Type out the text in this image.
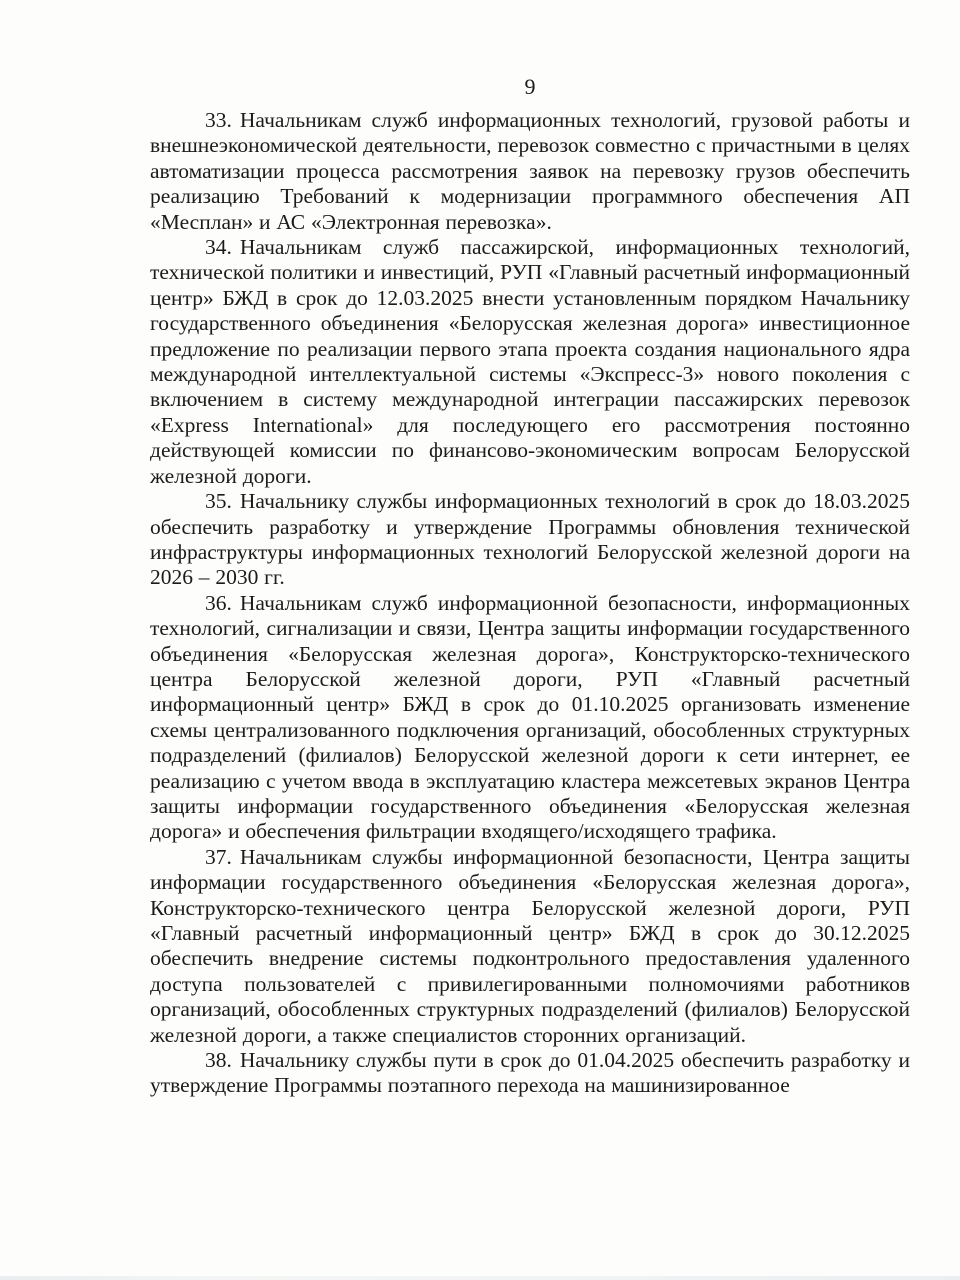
9

33. Начальникам служб информационных технологий, грузовой работы и внешнеэкономической деятельности, перевозок совместно с причастными в целях автоматизации процесса рассмотрения заявок на перевозку грузов обеспечить реализацию Требований к модернизации программного обеспечения АП «Месплан» и АС «Электронная перевозка».

34. Начальникам служб пассажирской, информационных технологий, технической политики и инвестиций, РУП «Главный расчетный информационный центр» БЖД в срок до 12.03.2025 внести установленным порядком Начальнику государственного объединения «Белорусская железная дорога» инвестиционное предложение по реализации первого этапа проекта создания национального ядра международной интеллектуальной системы «Экспресс-3» нового поколения с включением в систему международной интеграции пассажирских перевозок «Express International» для последующего его рассмотрения постоянно действующей комиссии по финансово-экономическим вопросам Белорусской железной дороги.

35. Начальнику службы информационных технологий в срок до 18.03.2025 обеспечить разработку и утверждение Программы обновления технической инфраструктуры информационных технологий Белорусской железной дороги на 2026 – 2030 гг.

36. Начальникам служб информационной безопасности, информационных технологий, сигнализации и связи, Центра защиты информации государственного объединения «Белорусская железная дорога», Конструкторско-технического центра Белорусской железной дороги, РУП «Главный расчетный информационный центр» БЖД в срок до 01.10.2025 организовать изменение схемы централизованного подключения организаций, обособленных структурных подразделений (филиалов) Белорусской железной дороги к сети интернет, ее реализацию с учетом ввода в эксплуатацию кластера межсетевых экранов Центра защиты информации государственного объединения «Белорусская железная дорога» и обеспечения фильтрации входящего/исходящего трафика.

37. Начальникам службы информационной безопасности, Центра защиты информации государственного объединения «Белорусская железная дорога», Конструкторско-технического центра Белорусской железной дороги, РУП «Главный расчетный информационный центр» БЖД в срок до 30.12.2025 обеспечить внедрение системы подконтрольного предоставления удаленного доступа пользователей с привилегированными полномочиями работников организаций, обособленных структурных подразделений (филиалов) Белорусской железной дороги, а также специалистов сторонних организаций.

38. Начальнику службы пути в срок до 01.04.2025 обеспечить разработку и утверждение Программы поэтапного перехода на машинизированное
